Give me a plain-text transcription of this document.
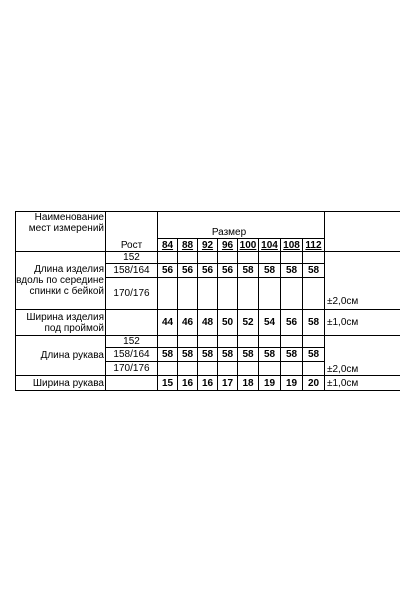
Наименование мест измерений	Рост	Размер								
		84	88	92	96	100	104	108	112	
Длина изделия вдоль по середине спинки с бейкой	152									±2,0см
	158/164	56	56	56	56	58	58	58	58	
	170/176									
Ширина изделия под проймой		44	46	48	50	52	54	56	58	±1,0см
Длина рукава	152									±2,0см
	158/164	58	58	58	58	58	58	58	58	
	170/176									
Ширина рукава		15	16	16	17	18	19	19	20	±1,0см
